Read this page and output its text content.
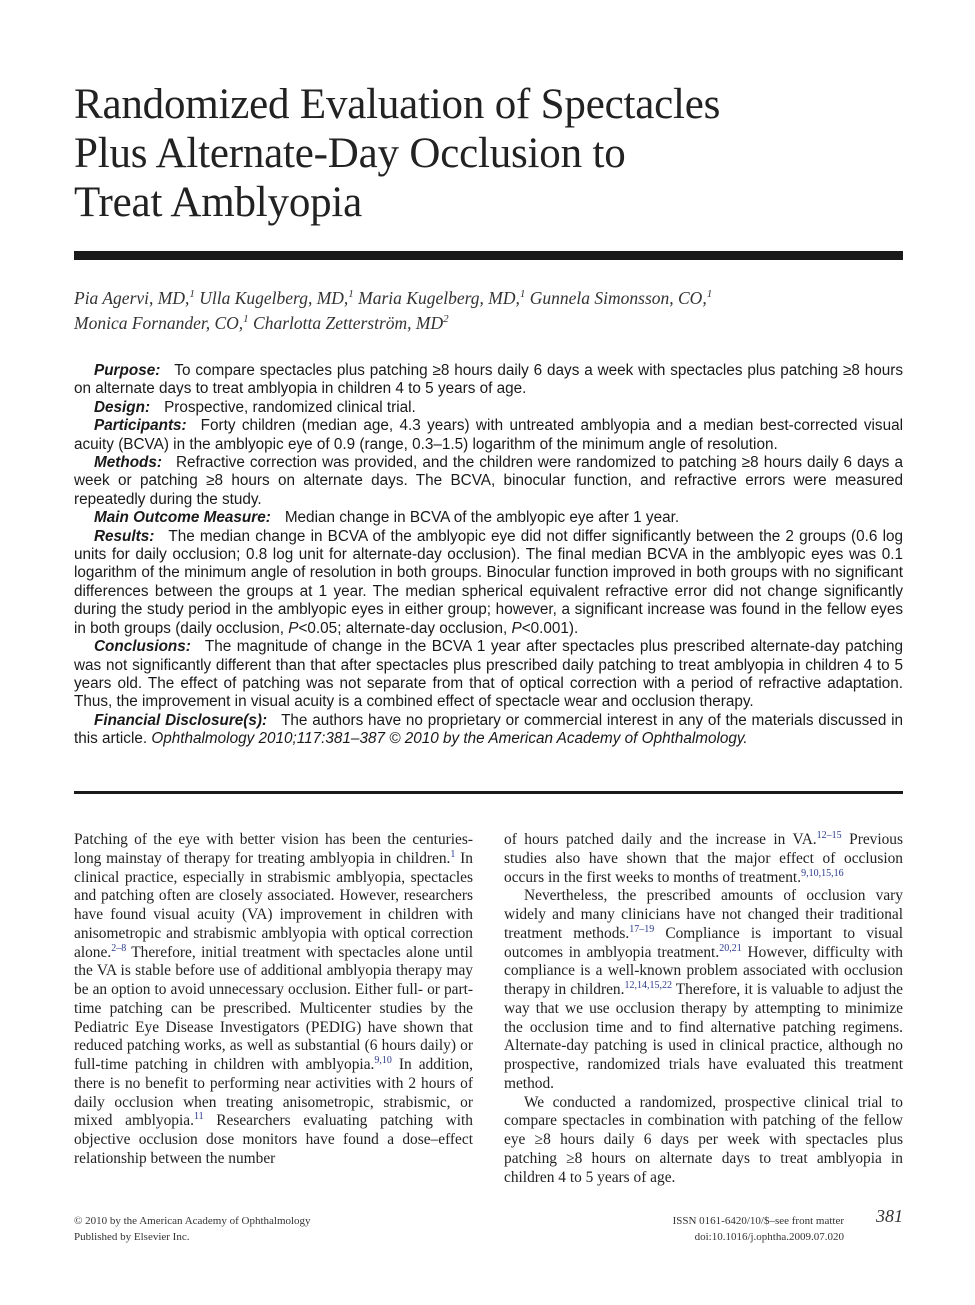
Randomized Evaluation of Spectacles
Plus Alternate-Day Occlusion to
Treat Amblyopia
Pia Agervi, MD,$^1$ Ulla Kugelberg, MD,$^1$ Maria Kugelberg, MD,$^1$ Gunnela Simonsson, CO,$^1$
Monica Fornander, CO,$^1$ Charlotta Zetterström, $MD^2$

Purpose: To compare spectacles plus patching ≥8 hours daily 6 days a week with spectacles plus patching ≥8 hours on alternate days to treat amblyopia in children 4 to 5 years of age.

Design: Prospective, randomized clinical trial.

Participants: Forty children (median age, 4.3 years) with untreated amblyopia and a median best-corrected visual acuity (BCVA) in the amblyopic eye of 0.9 (range, 0.3–1.5) logarithm of the minimum angle of resolution.

Methods: Refractive correction was provided, and the children were randomized to patching ≥8 hours daily 6 days a week or patching ≥8 hours on alternate days. The BCVA, binocular function, and refractive errors were measured repeatedly during the study.

Main Outcome Measure: Median change in BCVA of the amblyopic eye after 1 year.

Results: The median change in BCVA of the amblyopic eye did not differ significantly between the 2 groups (0.6 log units for daily occlusion; 0.8 log unit for alternate-day occlusion). The final median BCVA in the amblyopic eyes was 0.1 logarithm of the minimum angle of resolution in both groups. Binocular function improved in both groups with no significant differences between the groups at 1 year. The median spherical equivalent refractive error did not change significantly during the study period in the amblyopic eyes in either group; however, a significant increase was found in the fellow eyes in both groups (daily occlusion, P<0.05; alternate-day occlusion, P<0.001).

Conclusions: The magnitude of change in the BCVA 1 year after spectacles plus prescribed alternate-day patching was not significantly different than that after spectacles plus prescribed daily patching to treat amblyopia in children 4 to 5 years old. The effect of patching was not separate from that of optical correction with a period of refractive adaptation. Thus, the improvement in visual acuity is a combined effect of spectacle wear and occlusion therapy.

Financial Disclosure(s): The authors have no proprietary or commercial interest in any of the materials discussed in this article. Ophthalmology 2010;117:381–387 © 2010 by the American Academy of Ophthalmology.

Patching of the eye with better vision has been the centuries-long mainstay of therapy for treating amblyopia in children.$^1$ In clinical practice, especially in strabismic amblyopia, spectacles and patching often are closely associated. However, researchers have found visual acuity (VA) improvement in children with anisometropic and strabismic amblyopia with optical correction alone.$^{2-8}$ Therefore, initial treatment with spectacles alone until the VA is stable before use of additional amblyopia therapy may be an option to avoid unnecessary occlusion. Either full- or part-time patching can be prescribed. Multicenter studies by the Pediatric Eye Disease Investigators (PEDIG) have shown that reduced patching works, as well as substantial (6 hours daily) or full-time patching in children with amblyopia.$^{9,10}$ In addition, there is no benefit to performing near activities with 2 hours of daily occlusion when treating anisometropic, strabismic, or mixed amblyopia.$^{11}$ Researchers evaluating patching with objective occlusion dose monitors have found a dose–effect relationship between the number

of hours patched daily and the increase in VA.$^{12-15}$ Previous studies also have shown that the major effect of occlusion occurs in the first weeks to months of treatment.$^{9,10,15,16}$

Nevertheless, the prescribed amounts of occlusion vary widely and many clinicians have not changed their traditional treatment methods.$^{17-19}$ Compliance is important to visual outcomes in amblyopia treatment.$^{20,21}$ However, difficulty with compliance is a well-known problem associated with occlusion therapy in children.$^{12,14,15,22}$ Therefore, it is valuable to adjust the way that we use occlusion therapy by attempting to minimize the occlusion time and to find alternative patching regimens. Alternate-day patching is used in clinical practice, although no prospective, randomized trials have evaluated this treatment method.

We conducted a randomized, prospective clinical trial to compare spectacles in combination with patching of the fellow eye ≥8 hours daily 6 days per week with spectacles plus patching ≥8 hours on alternate days to treat amblyopia in children 4 to 5 years of age.

© 2010 by the American Academy of Ophthalmology
Published by Elsevier Inc.
ISSN 0161-6420/10/$–see front matter
doi:10.1016/j.ophtha.2009.07.020
381
